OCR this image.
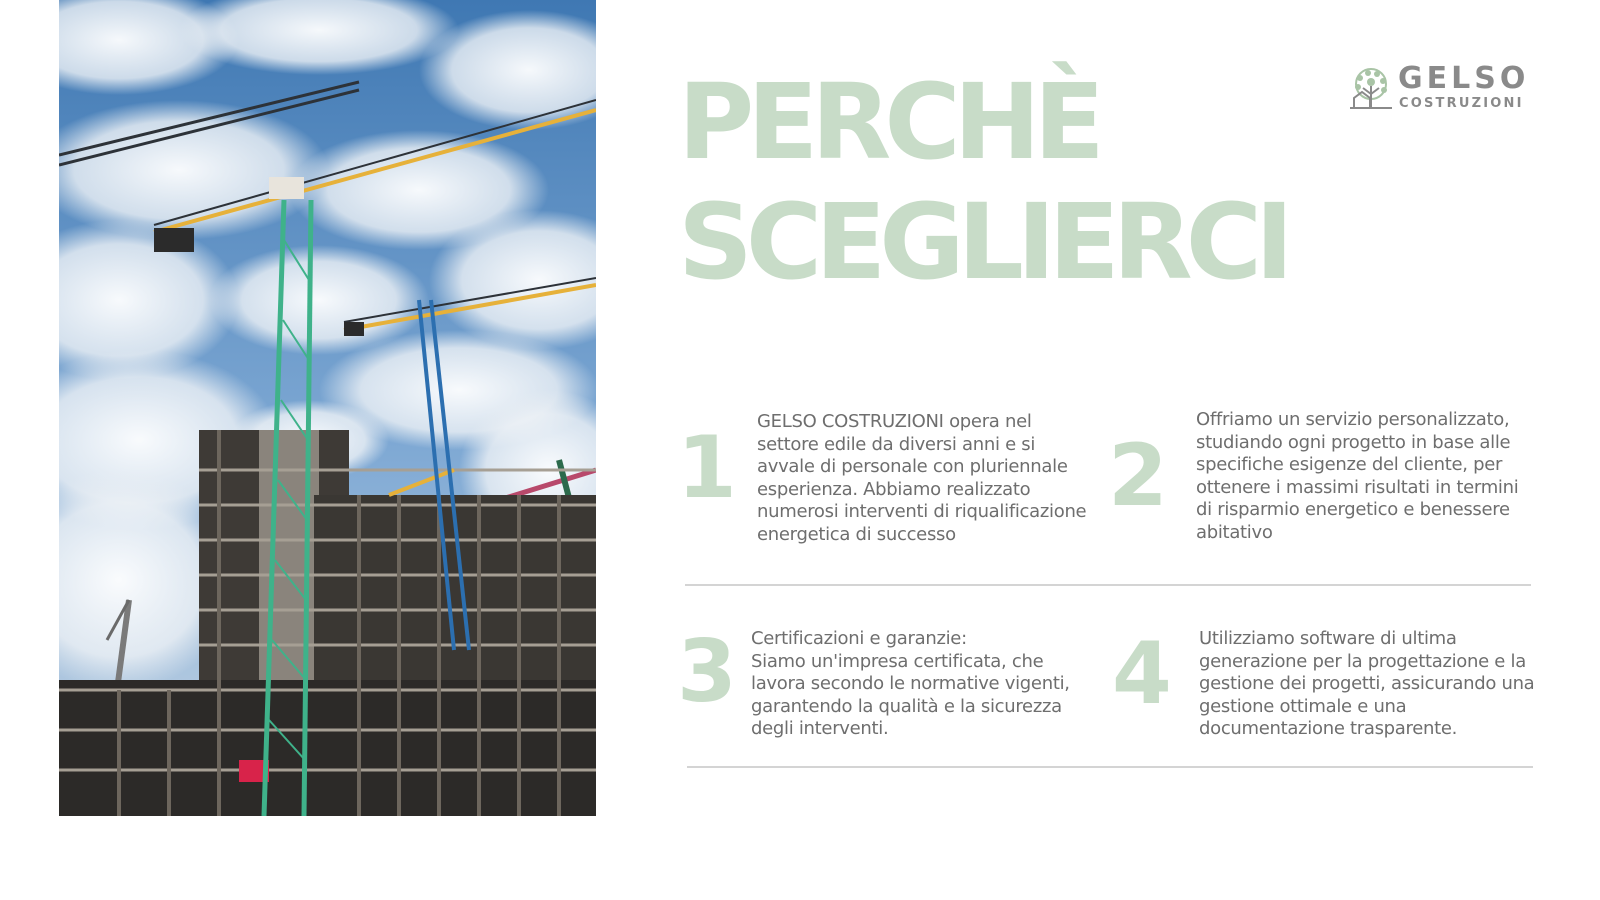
PERCHÈ
SCEGLIERCI
GELSO
COSTRUZIONI
1 GELSO COSTRUZIONI opera nel settore edile da diversi anni e si avvale di personale con pluriennale esperienza. Abbiamo realizzato numerosi interventi di riqualificazione energetica di successo

2

Offriamo un servizio personalizzato, studiando ogni progetto in base alle specifiche esigenze del cliente, per ottenere i massimi risultati in termini di risparmio energetico e benessere abitativo

3 Certificazioni e garanzie:
Siamo un'impresa certificata, che lavora secondo le normative vigenti, garantendo la qualità e la sicurezza degli interventi.

4 Utilizziamo software di ultima generazione per la progettazione e la gestione dei progetti, assicurando una gestione ottimale e una documentazione trasparente.
